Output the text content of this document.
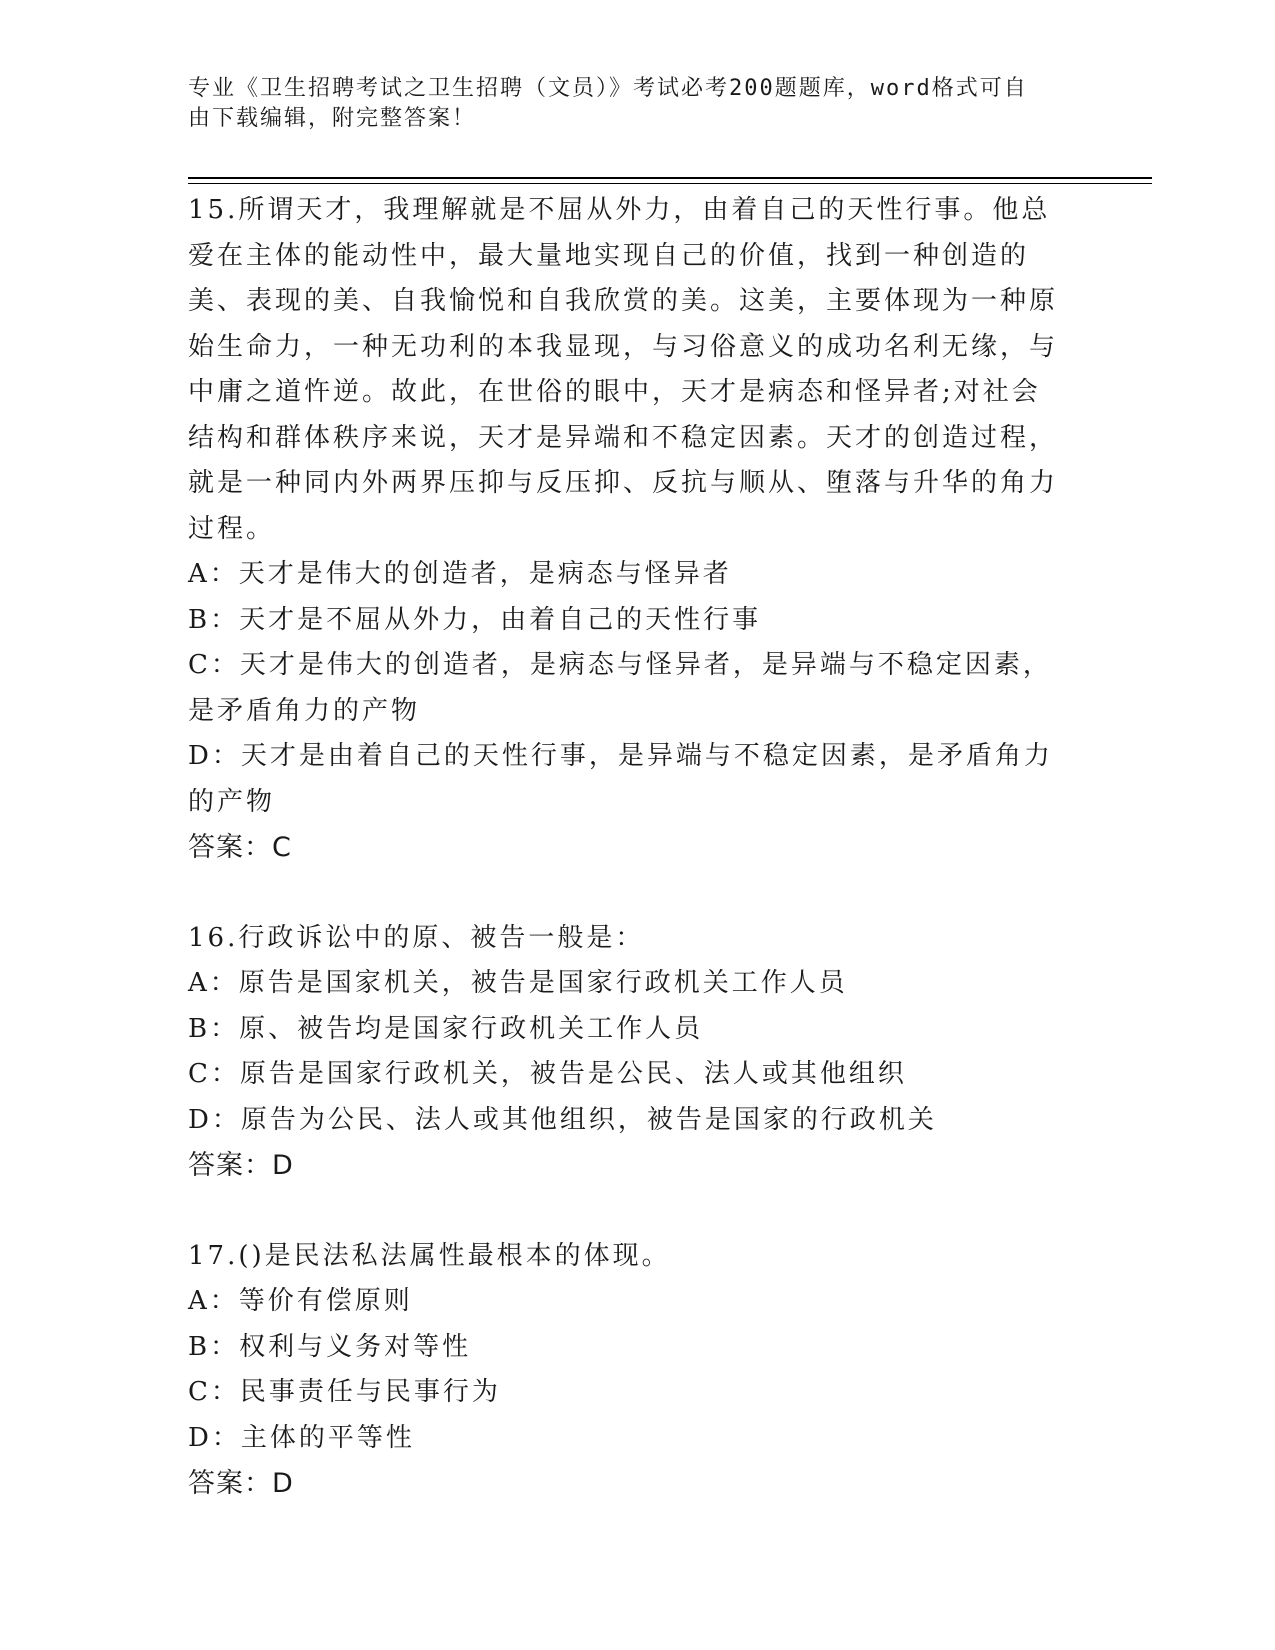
专业《卫生招聘考试之卫生招聘（文员）》考试必考200题题库，word格式可自
由下载编辑，附完整答案！

15.所谓天才，我理解就是不屈从外力，由着自己的天性行事。他总爱在主体的能动性中，最大量地实现自己的价值，找到一种创造的美、表现的美、自我愉悦和自我欣赏的美。这美，主要体现为一种原始生命力，一种无功利的本我显现，与习俗意义的成功名利无缘，与中庸之道忤逆。故此，在世俗的眼中，天才是病态和怪异者;对社会结构和群体秩序来说，天才是异端和不稳定因素。天才的创造过程，就是一种同内外两界压抑与反压抑、反抗与顺从、堕落与升华的角力过程。

A：天才是伟大的创造者，是病态与怪异者

B：天才是不屈从外力，由着自己的天性行事

C：天才是伟大的创造者，是病态与怪异者，是异端与不稳定因素，是矛盾角力的产物

D：天才是由着自己的天性行事，是异端与不稳定因素，是矛盾角力的产物

答案：C

16.行政诉讼中的原、被告一般是：

A：原告是国家机关，被告是国家行政机关工作人员

B：原、被告均是国家行政机关工作人员

C：原告是国家行政机关，被告是公民、法人或其他组织

D：原告为公民、法人或其他组织，被告是国家的行政机关

答案：D

17.()是民法私法属性最根本的体现。

A：等价有偿原则

B：权利与义务对等性

C：民事责任与民事行为

D：主体的平等性

答案：D
